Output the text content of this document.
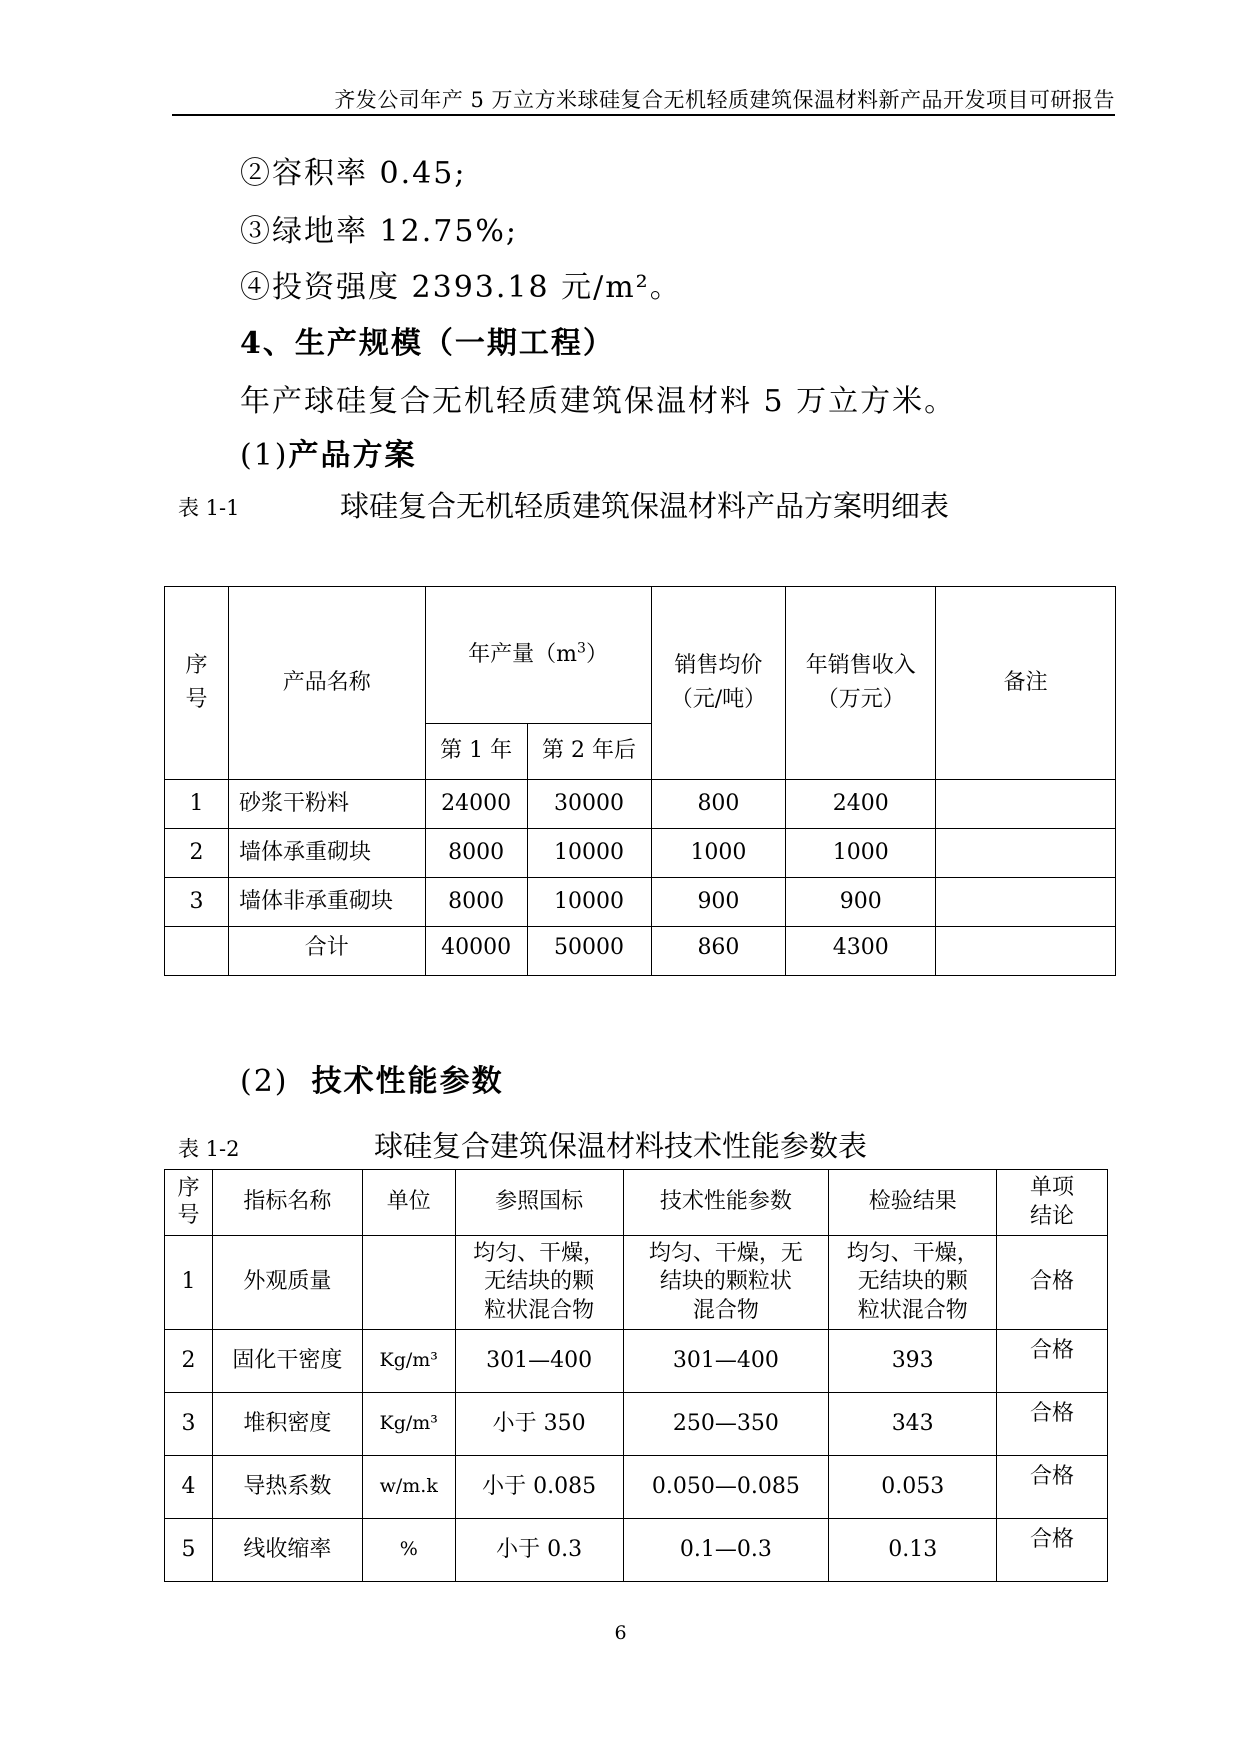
齐发公司年产 5 万立方米球硅复合无机轻质建筑保温材料新产品开发项目可研报告
②容积率 0.45;
③绿地率 12.75%;
④投资强度 2393.18 元/m²。
4、生产规模（一期工程）
年产球硅复合无机轻质建筑保温材料 5 万立方米。
(1)产品方案
表 1-1	球硅复合无机轻质建筑保温材料产品方案明细表
序
号	产品名称	年产量$(m^3)$		销售均价
（元/吨）	年销售收入
（万元）	备注
		第 1 年	第 2 年后			
1	砂浆干粉料	24000	30000	800	2400	
2	墙体承重砌块	8000	10000	1000	1000	
3	墙体非承重砌块	8000	10000	900	900	
	合计	40000	50000	860	4300	
(2) 技术性能参数
表 1-2	球硅复合建筑保温材料技术性能参数表
序
号	指标名称	单位	参照国标	技术性能参数	检验结果	单项
结论
1	外观质量		均匀、干燥，
无结块的颗
粒状混合物	均匀、干燥，无
结块的颗粒状
混合物	均匀、干燥，
无结块的颗
粒状混合物	合格
2	固化干密度	Kg/m³	301—400	301—400	393	合格
3	堆积密度	Kg/m³	小于 350	250—350	343	合格
4	导热系数	w/m.k	小于 0.085	0.050—0.085	0.053	合格
5	线收缩率	%	小于 0.3	0.1—0.3	0.13	合格
6
